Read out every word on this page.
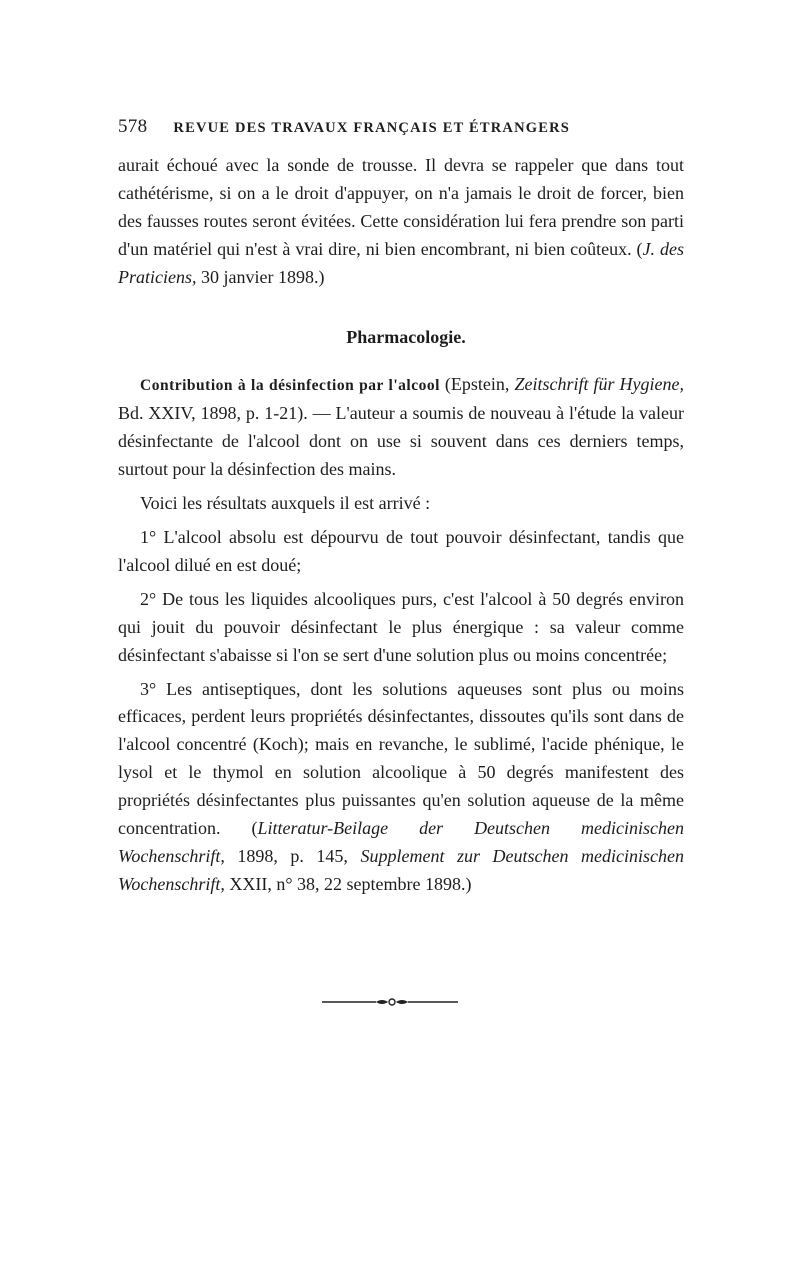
578 REVUE DES TRAVAUX FRANÇAIS ET ÉTRANGERS

aurait échoué avec la sonde de trousse. Il devra se rappeler que dans tout cathétérisme, si on a le droit d'appuyer, on n'a jamais le droit de forcer, bien des fausses routes seront évitées. Cette considération lui fera prendre son parti d'un matériel qui n'est à vrai dire, ni bien encombrant, ni bien coûteux. (J. des Praticiens, 30 janvier 1898.)

Pharmacologie.

Contribution à la désinfection par l'alcool (Epstein, Zeitschrift für Hygiene, Bd. XXIV, 1898, p. 1-21). — L'auteur a soumis de nouveau à l'étude la valeur désinfectante de l'alcool dont on use si souvent dans ces derniers temps, surtout pour la désinfection des mains.

Voici les résultats auxquels il est arrivé :

1° L'alcool absolu est dépourvu de tout pouvoir désinfectant, tandis que l'alcool dilué en est doué;

2° De tous les liquides alcooliques purs, c'est l'alcool à 50 degrés environ qui jouit du pouvoir désinfectant le plus énergique : sa valeur comme désinfectant s'abaisse si l'on se sert d'une solution plus ou moins concentrée;

3° Les antiseptiques, dont les solutions aqueuses sont plus ou moins efficaces, perdent leurs propriétés désinfectantes, dissoutes qu'ils sont dans de l'alcool concentré (Koch); mais en revanche, le sublimé, l'acide phénique, le lysol et le thymol en solution alcoolique à 50 degrés manifestent des propriétés désinfectantes plus puissantes qu'en solution aqueuse de la même concentration. (Litteratur-Beilage der Deutschen medicinischen Wochenschrift, 1898, p. 145, Supplement zur Deutschen medicinischen Wochenschrift, XXII, n° 38, 22 septembre 1898.)
